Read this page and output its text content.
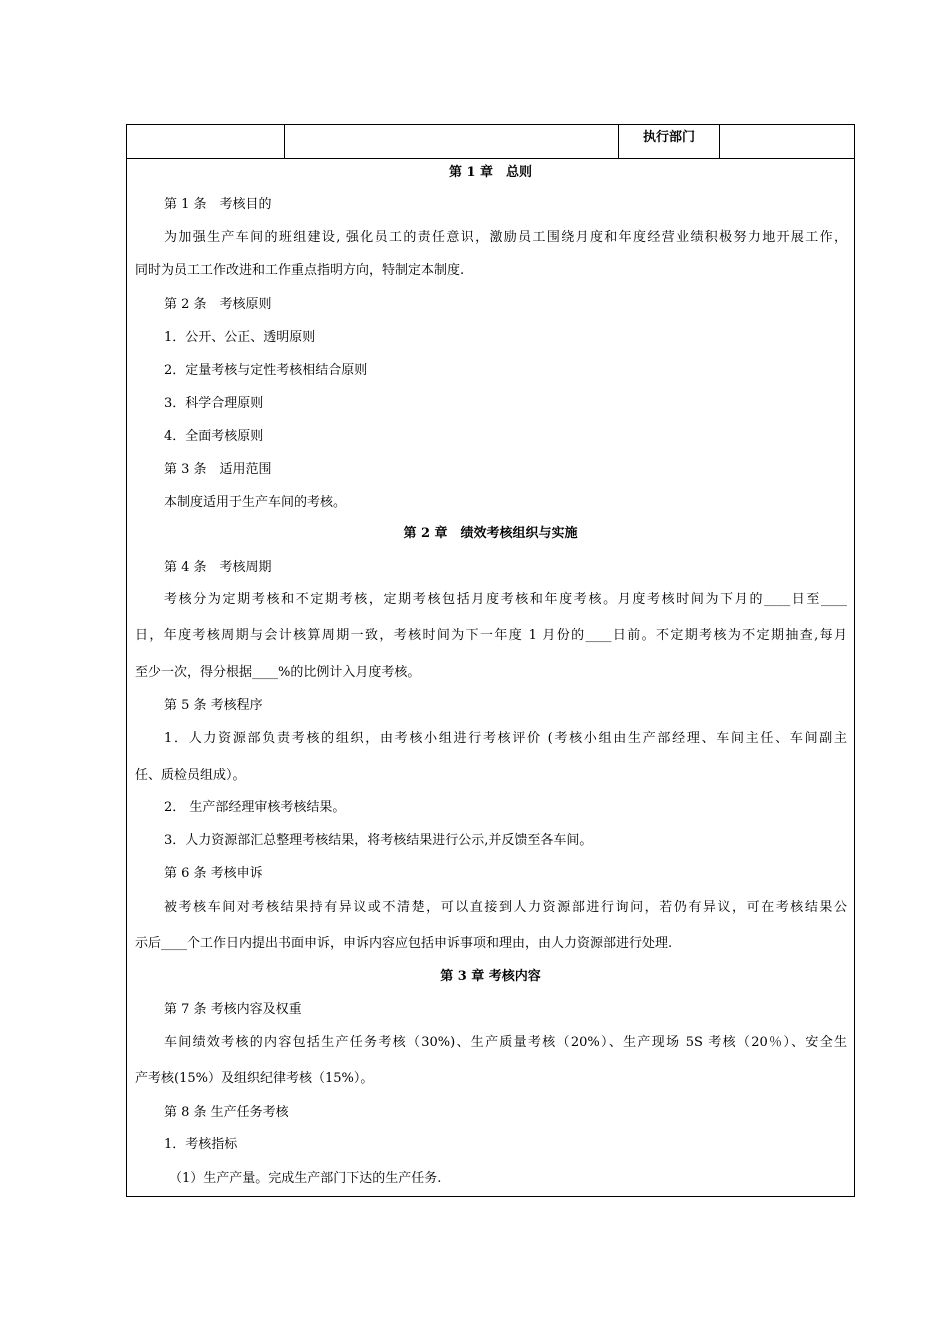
执行部门
第 1 章　总则
第 1 条　考核目的
为加强生产车间的班组建设, 强化员工的责任意识，激励员工围绕月度和年度经营业绩积极努力地开展工作，
同时为员工工作改进和工作重点指明方向，特制定本制度.
第 2 条　考核原则
1．公开、公正、透明原则
2．定量考核与定性考核相结合原则
3．科学合理原则
4．全面考核原则
第 3 条　适用范围
本制度适用于生产车间的考核。
第 2 章　绩效考核组织与实施
第 4 条　考核周期
考核分为定期考核和不定期考核，定期考核包括月度考核和年度考核。月度考核时间为下月的____日至____
日，年度考核周期与会计核算周期一致，考核时间为下一年度 1 月份的____日前。不定期考核为不定期抽查,每月
至少一次，得分根据____%的比例计入月度考核。
第 5 条 考核程序
1．人力资源部负责考核的组织，由考核小组进行考核评价 (考核小组由生产部经理、车间主任、车间副主
任、质检员组成）。
2． 生产部经理审核考核结果。
3．人力资源部汇总整理考核结果，将考核结果进行公示,并反馈至各车间。
第 6 条 考核申诉
被考核车间对考核结果持有异议或不清楚，可以直接到人力资源部进行询问，若仍有异议，可在考核结果公
示后____个工作日内提出书面申诉，申诉内容应包括申诉事项和理由，由人力资源部进行处理.
第 3 章 考核内容
第 7 条 考核内容及权重
车间绩效考核的内容包括生产任务考核（30%)、生产质量考核（20%）、生产现场 5S 考核（20％）、安全生
产考核(15%）及组织纪律考核（15%）。
第 8 条 生产任务考核
1．考核指标
（1）生产产量。完成生产部门下达的生产任务.
